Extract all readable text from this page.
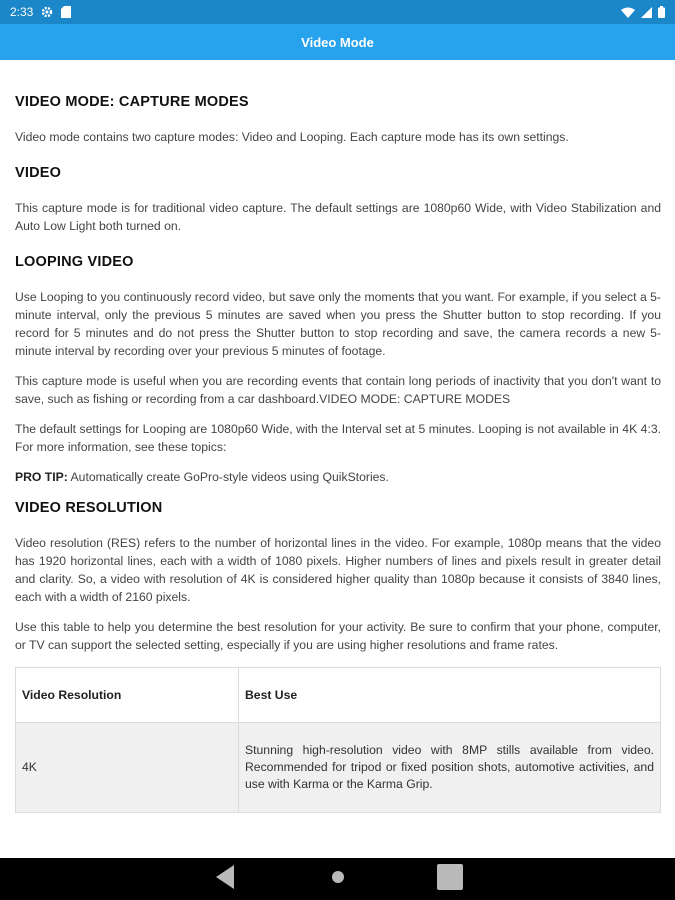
2:33
Video Mode
VIDEO MODE: CAPTURE MODES

Video mode contains two capture modes: Video and Looping. Each capture mode has its own settings.

VIDEO

This capture mode is for traditional video capture. The default settings are 1080p60 Wide, with Video Stabilization and Auto Low Light both turned on.

LOOPING VIDEO

Use Looping to you continuously record video, but save only the moments that you want. For example, if you select a 5-minute interval, only the previous 5 minutes are saved when you press the Shutter button to stop recording. If you record for 5 minutes and do not press the Shutter button to stop recording and save, the camera records a new 5-minute interval by recording over your previous 5 minutes of footage.

This capture mode is useful when you are recording events that contain long periods of inactivity that you don't want to save, such as fishing or recording from a car dashboard.VIDEO MODE: CAPTURE MODES

The default settings for Looping are 1080p60 Wide, with the Interval set at 5 minutes. Looping is not available in 4K 4:3. For more information, see these topics:

PRO TIP: Automatically create GoPro-style videos using QuikStories.

VIDEO RESOLUTION

Video resolution (RES) refers to the number of horizontal lines in the video. For example, 1080p means that the video has 1920 horizontal lines, each with a width of 1080 pixels. Higher numbers of lines and pixels result in greater detail and clarity. So, a video with resolution of 4K is considered higher quality than 1080p because it consists of 3840 lines, each with a width of 2160 pixels.

Use this table to help you determine the best resolution for your activity. Be sure to confirm that your phone, computer, or TV can support the selected setting, especially if you are using higher resolutions and frame rates.

Video Resolution	Best Use
4K	Stunning high-resolution video with 8MP stills available from video. Recommended for tripod or fixed position shots, automotive activities, and use with Karma or the Karma Grip.
